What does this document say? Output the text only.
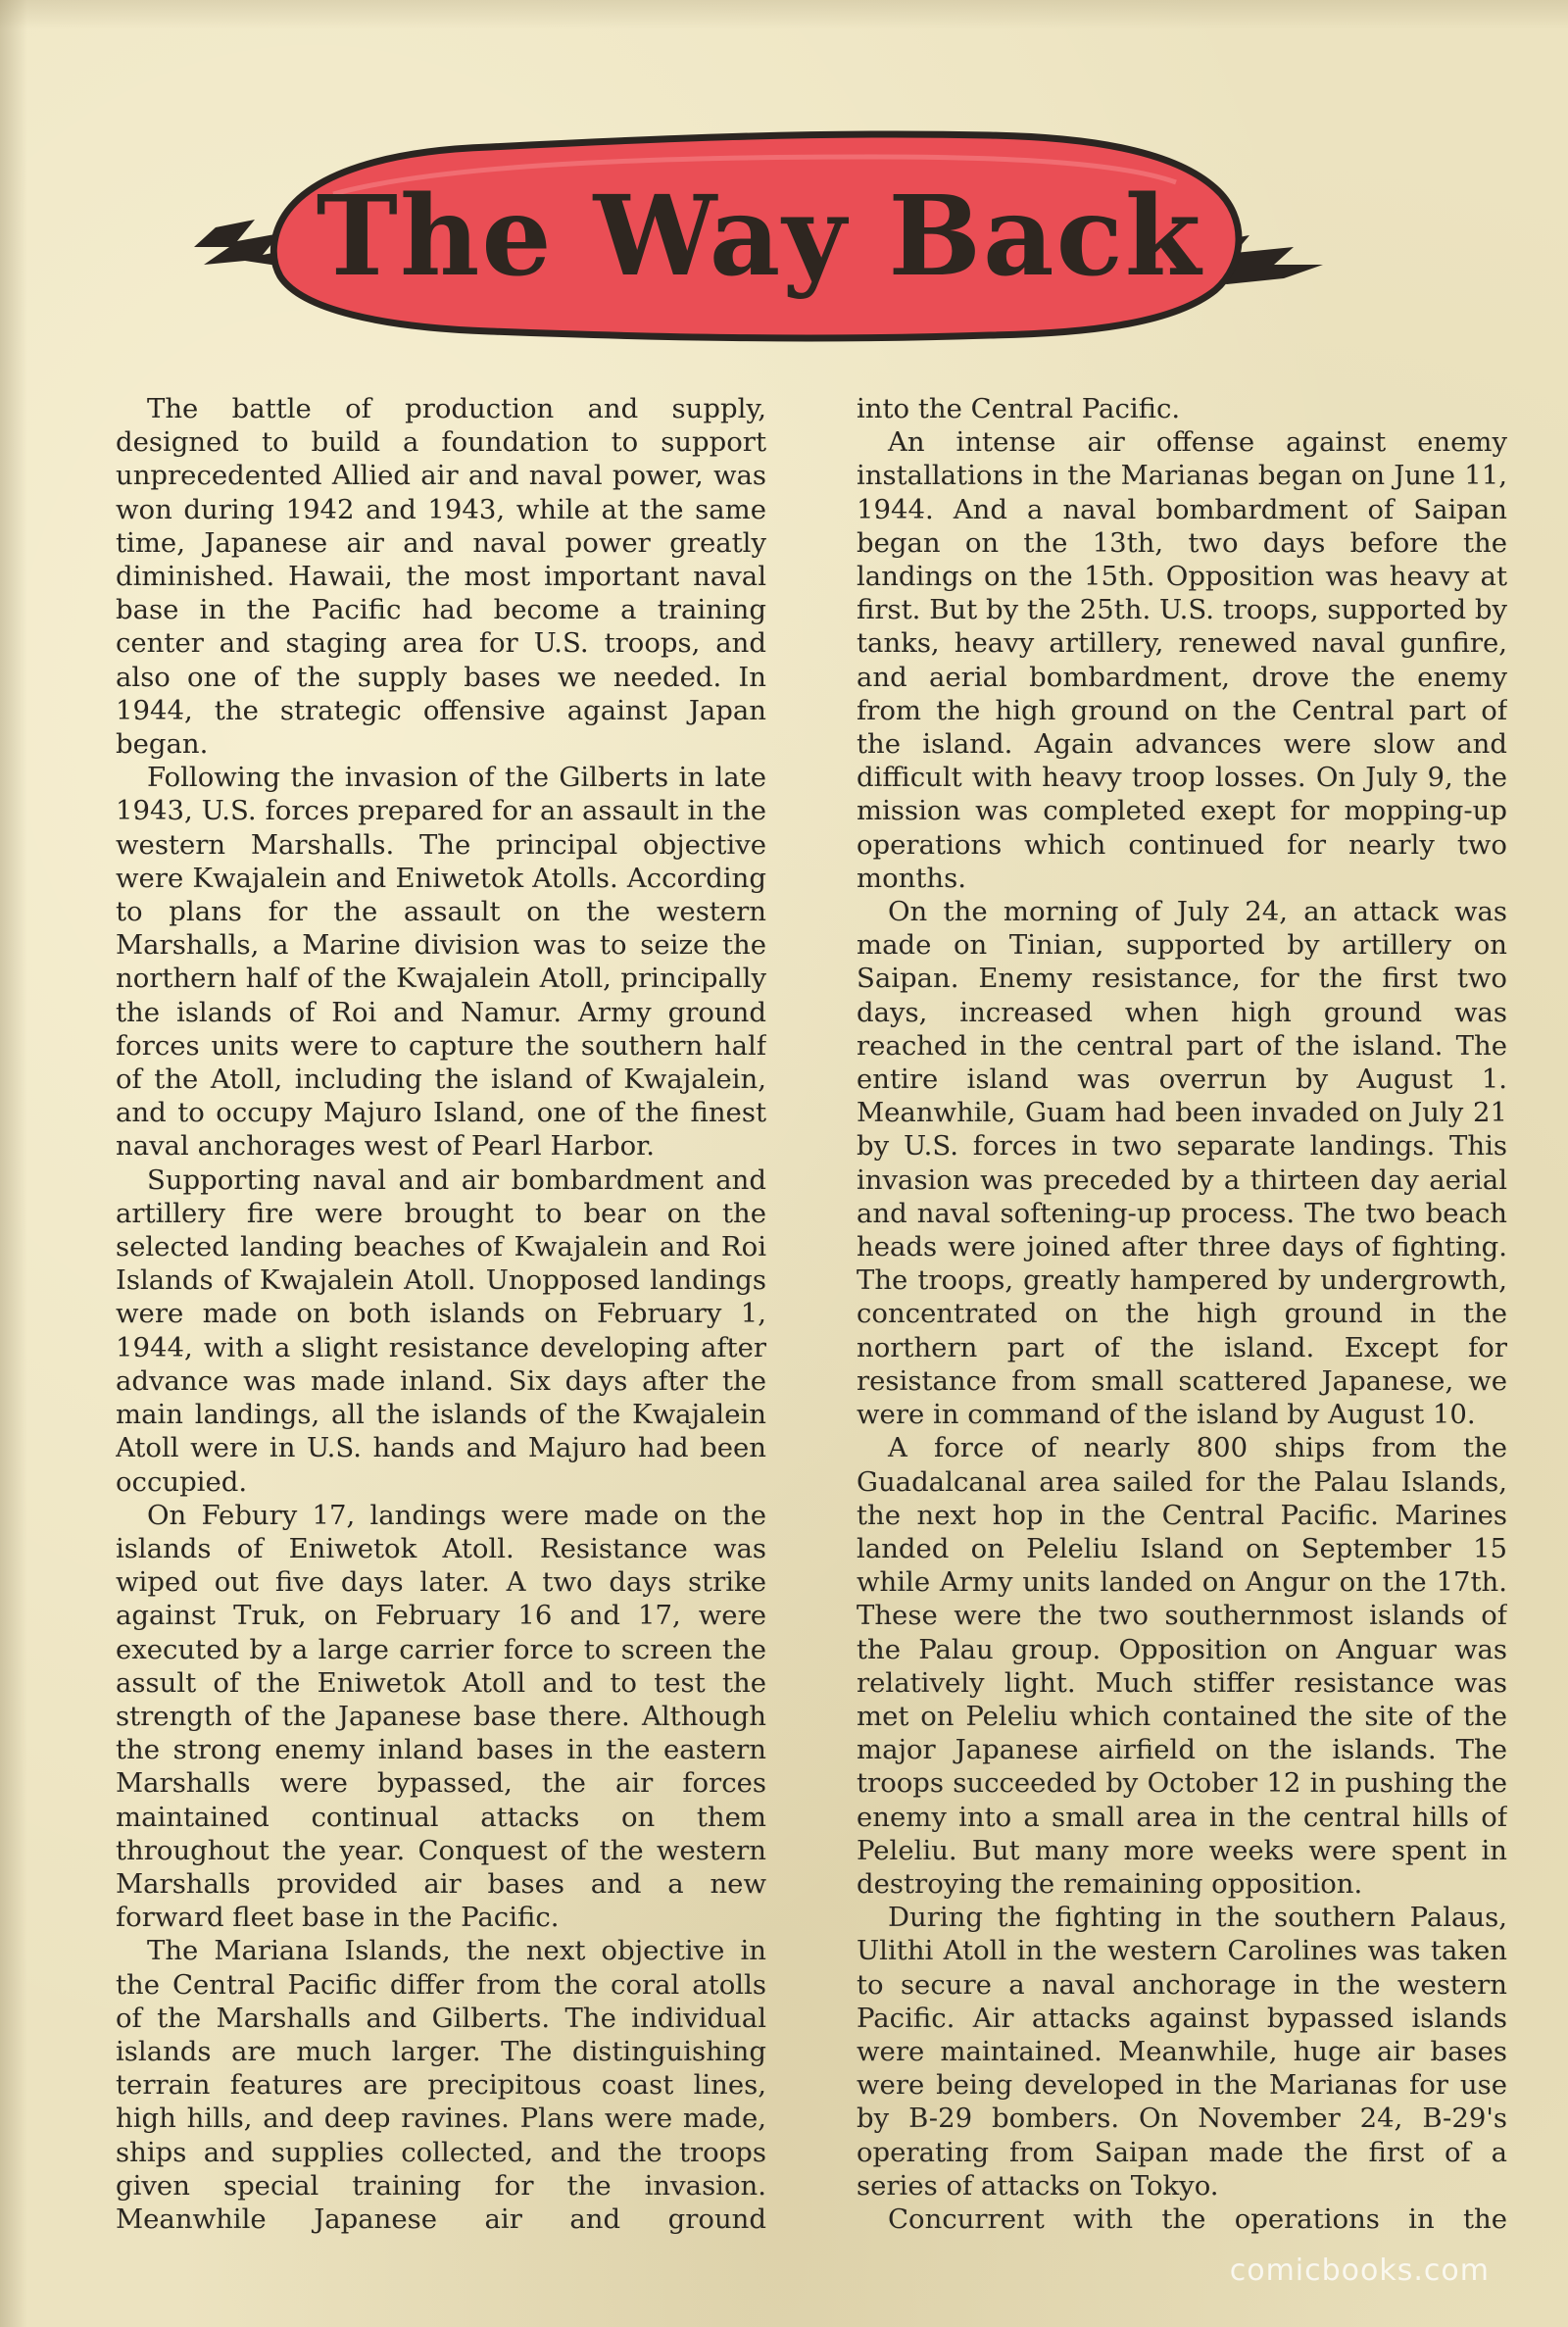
The Way Back

The battle of production and supply, designed to build a foundation to support unprecedented Allied air and naval power, was won during 1942 and 1943, while at the same time, Japanese air and naval power greatly diminished. Hawaii, the most important naval base in the Pacific had become a training center and staging area for U.S. troops, and also one of the supply bases we needed. In 1944, the strategic offensive against Japan began.

Following the invasion of the Gilberts in late 1943, U.S. forces prepared for an assault in the western Marshalls. The principal objective were Kwajalein and Eniwetok Atolls. According to plans for the assault on the western Marshalls, a Marine division was to seize the northern half of the Kwajalein Atoll, principally the islands of Roi and Namur. Army ground forces units were to capture the southern half of the Atoll, including the island of Kwajalein, and to occupy Majuro Island, one of the finest naval anchorages west of Pearl Harbor.

Supporting naval and air bombardment and artillery fire were brought to bear on the selected landing beaches of Kwajalein and Roi Islands of Kwajalein Atoll. Unopposed landings were made on both islands on February 1, 1944, with a slight resistance developing after advance was made inland. Six days after the main landings, all the islands of the Kwajalein Atoll were in U.S. hands and Majuro had been occupied.

On Febury 17, landings were made on the islands of Eniwetok Atoll. Resistance was wiped out five days later. A two days strike against Truk, on February 16 and 17, were executed by a large carrier force to screen the assult of the Eniwetok Atoll and to test the strength of the Japanese base there. Although the strong enemy inland bases in the eastern Marshalls were bypassed, the air forces maintained continual attacks on them throughout the year. Conquest of the western Marshalls provided air bases and a new forward fleet base in the Pacific.

The Mariana Islands, the next objective in the Central Pacific differ from the coral atolls of the Marshalls and Gilberts. The individual islands are much larger. The distinguishing terrain features are precipitous coast lines, high hills, and deep ravines. Plans were made, ships and supplies collected, and the troops given special training for the invasion. Meanwhile Japanese air and ground

into the Central Pacific.

An intense air offense against enemy installations in the Marianas began on June 11, 1944. And a naval bombardment of Saipan began on the 13th, two days before the landings on the 15th. Opposition was heavy at first. But by the 25th. U.S. troops, supported by tanks, heavy artillery, renewed naval gunfire, and aerial bombardment, drove the enemy from the high ground on the Central part of the island. Again advances were slow and difficult with heavy troop losses. On July 9, the mission was completed exept for mopping-up operations which continued for nearly two months.

On the morning of July 24, an attack was made on Tinian, supported by artillery on Saipan. Enemy resistance, for the first two days, increased when high ground was reached in the central part of the island. The entire island was overrun by August 1. Meanwhile, Guam had been invaded on July 21 by U.S. forces in two separate landings. This invasion was preceded by a thirteen day aerial and naval softening-up process. The two beach heads were joined after three days of fighting. The troops, greatly hampered by undergrowth, concentrated on the high ground in the northern part of the island. Except for resistance from small scattered Japanese, we were in command of the island by August 10.

A force of nearly 800 ships from the Guadalcanal area sailed for the Palau Islands, the next hop in the Central Pacific. Marines landed on Peleliu Island on September 15 while Army units landed on Angur on the 17th. These were the two southernmost islands of the Palau group. Opposition on Anguar was relatively light. Much stiffer resistance was met on Peleliu which contained the site of the major Japanese airfield on the islands. The troops succeeded by October 12 in pushing the enemy into a small area in the central hills of Peleliu. But many more weeks were spent in destroying the remaining opposition.

During the fighting in the southern Palaus, Ulithi Atoll in the western Carolines was taken to secure a naval anchorage in the western Pacific. Air attacks against bypassed islands were maintained. Meanwhile, huge air bases were being developed in the Marianas for use by B-29 bombers. On November 24, B-29's operating from Saipan made the first of a series of attacks on Tokyo.

Concurrent with the operations in the

comicbooks.com
